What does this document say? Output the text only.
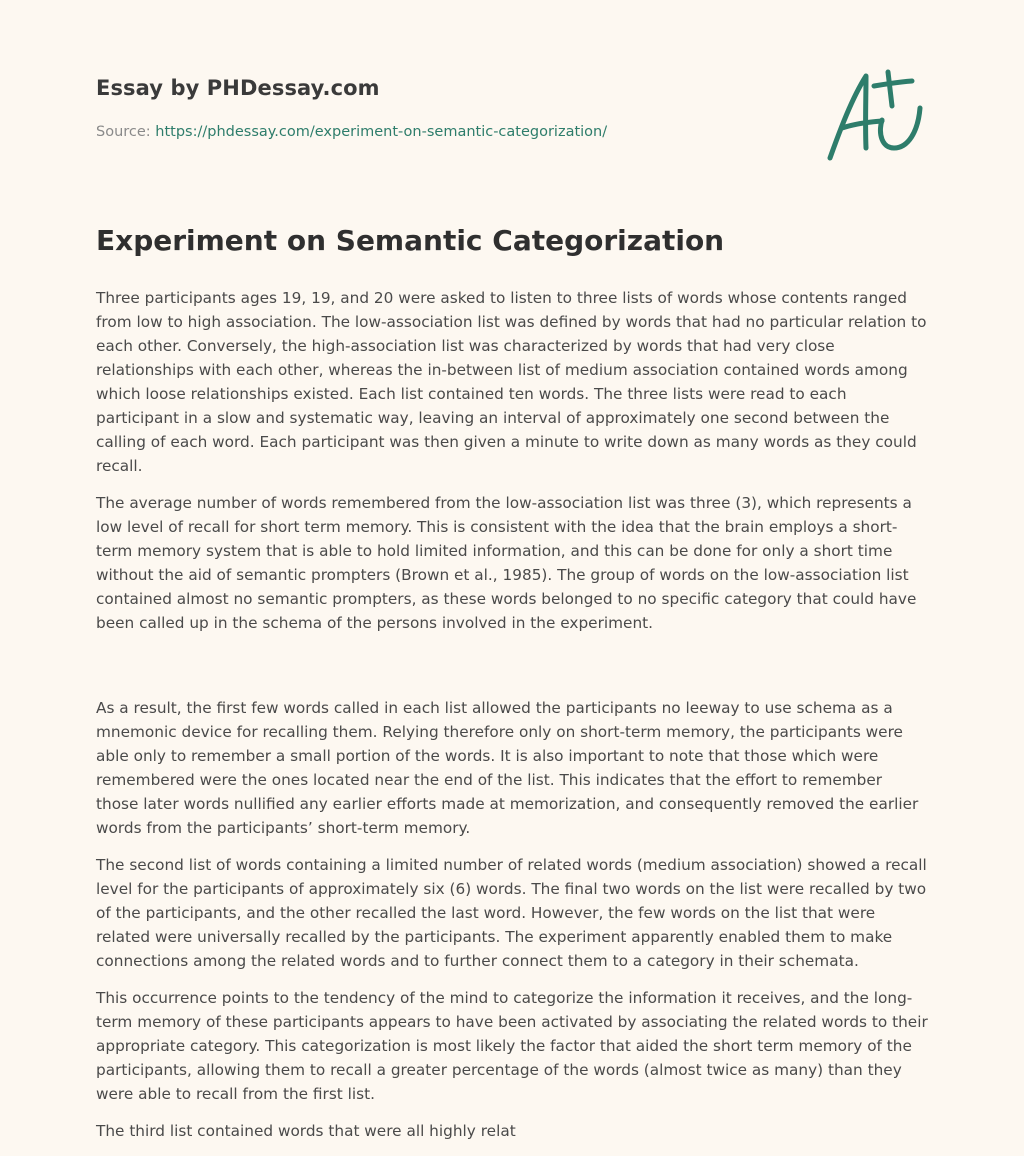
Essay by PHDessay.com
Source: https://phdessay.com/experiment-on-semantic-categorization/
Experiment on Semantic Categorization

Three participants ages 19, 19, and 20 were asked to listen to three lists of words whose contents ranged from low to high association. The low-association list was defined by words that had no particular relation to each other. Conversely, the high-association list was characterized by words that had very close relationships with each other, whereas the in-between list of medium association contained words among which loose relationships existed. Each list contained ten words. The three lists were read to each participant in a slow and systematic way, leaving an interval of approximately one second between the calling of each word. Each participant was then given a minute to write down as many words as they could recall.

The average number of words remembered from the low-association list was three (3), which represents a low level of recall for short term memory. This is consistent with the idea that the brain employs a short-term memory system that is able to hold limited information, and this can be done for only a short time without the aid of semantic prompters (Brown et al., 1985). The group of words on the low-association list contained almost no semantic prompters, as these words belonged to no specific category that could have been called up in the schema of the persons involved in the experiment.

As a result, the first few words called in each list allowed the participants no leeway to use schema as a mnemonic device for recalling them. Relying therefore only on short-term memory, the participants were able only to remember a small portion of the words. It is also important to note that those which were remembered were the ones located near the end of the list. This indicates that the effort to remember those later words nullified any earlier efforts made at memorization, and consequently removed the earlier words from the participants’ short-term memory.

The second list of words containing a limited number of related words (medium association) showed a recall level for the participants of approximately six (6) words. The final two words on the list were recalled by two of the participants, and the other recalled the last word. However, the few words on the list that were related were universally recalled by the participants. The experiment apparently enabled them to make connections among the related words and to further connect them to a category in their schemata.

This occurrence points to the tendency of the mind to categorize the information it receives, and the long-term memory of these participants appears to have been activated by associating the related words to their appropriate category. This categorization is most likely the factor that aided the short term memory of the participants, allowing them to recall a greater percentage of the words (almost twice as many) than they were able to recall from the first list.

The third list contained words that were all highly relat
